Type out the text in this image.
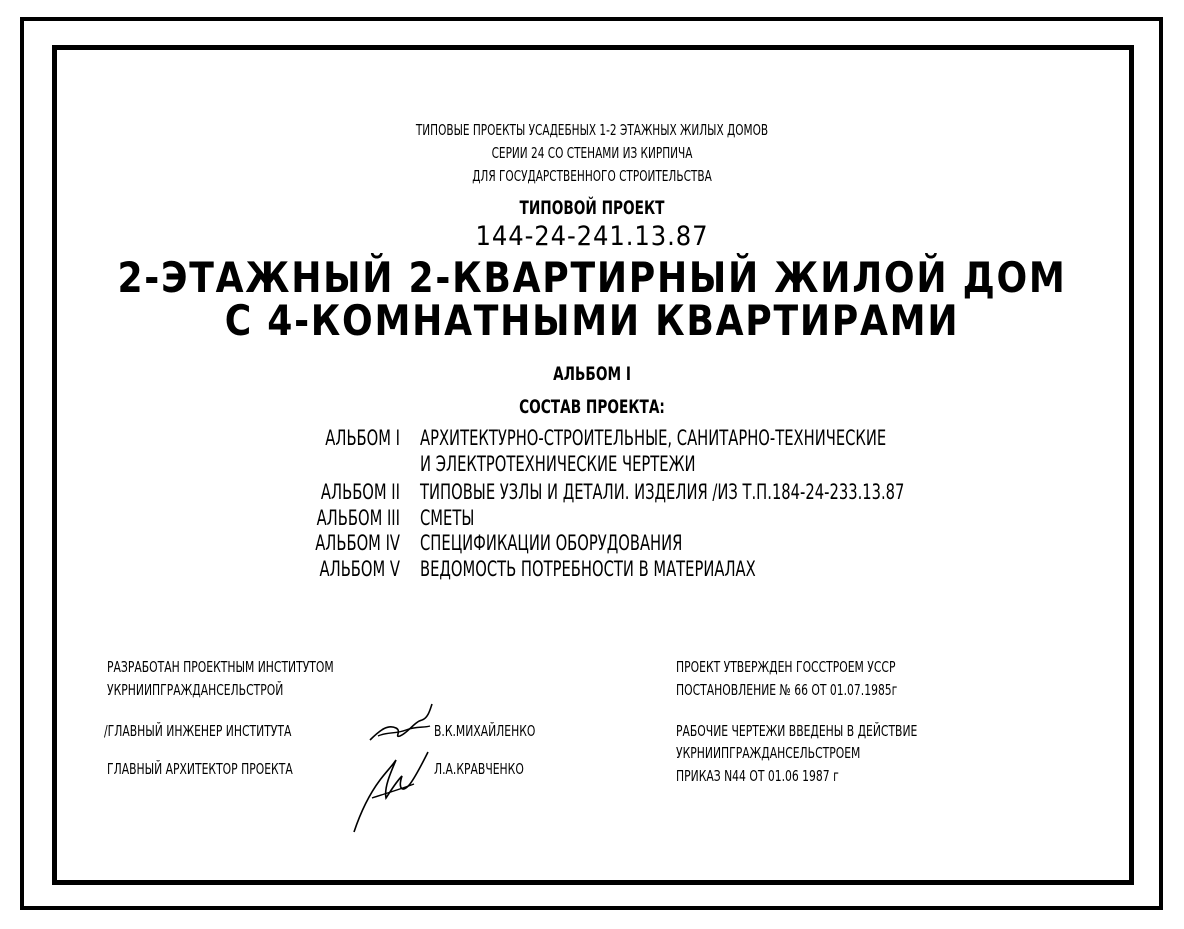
ТИПОВЫЕ ПРОЕКТЫ УСАДЕБНЫХ 1-2 ЭТАЖНЫХ ЖИЛЫХ ДОМОВ
СЕРИИ 24 СО СТЕНАМИ ИЗ КИРПИЧА
ДЛЯ ГОСУДАРСТВЕННОГО СТРОИТЕЛЬСТВА
ТИПОВОЙ ПРОЕКТ
144-24-241.13.87
2-ЭТАЖНЫЙ 2-КВАРТИРНЫЙ ЖИЛОЙ ДОМ
С 4-КОМНАТНЫМИ КВАРТИРАМИ
АЛЬБОМ I
СОСТАВ ПРОЕКТА:
АЛЬБОМ I АРХИТЕКТУРНО-СТРОИТЕЛЬНЫЕ, САНИТАРНО-ТЕХНИЧЕСКИЕ
И ЭЛЕКТРОТЕХНИЧЕСКИЕ ЧЕРТЕЖИ
АЛЬБОМ II ТИПОВЫЕ УЗЛЫ И ДЕТАЛИ. ИЗДЕЛИЯ /ИЗ Т.П.184-24-233.13.87
АЛЬБОМ III СМЕТЫ
АЛЬБОМ IV СПЕЦИФИКАЦИИ ОБОРУДОВАНИЯ
АЛЬБОМ V ВЕДОМОСТЬ ПОТРЕБНОСТИ В МАТЕРИАЛАХ
РАЗРАБОТАН ПРОЕКТНЫМ ИНСТИТУТОМ
УКРНИИПГРАЖДАНСЕЛЬСТРОЙ
/ГЛАВНЫЙ ИНЖЕНЕР ИНСТИТУТА	В.К.МИХАЙЛЕНКО
ГЛАВНЫЙ АРХИТЕКТОР ПРОЕКТА	Л.А.КРАВЧЕНКО
ПРОЕКТ УТВЕРЖДЕН ГОССТРОЕМ УССР
ПОСТАНОВЛЕНИЕ № 66 ОТ 01.07.1985г
РАБОЧИЕ ЧЕРТЕЖИ ВВЕДЕНЫ В ДЕЙСТВИЕ
УКРНИИПГРАЖДАНСЕЛЬСТРОЕМ
ПРИКАЗ N44 ОТ 01.06 1987 г
